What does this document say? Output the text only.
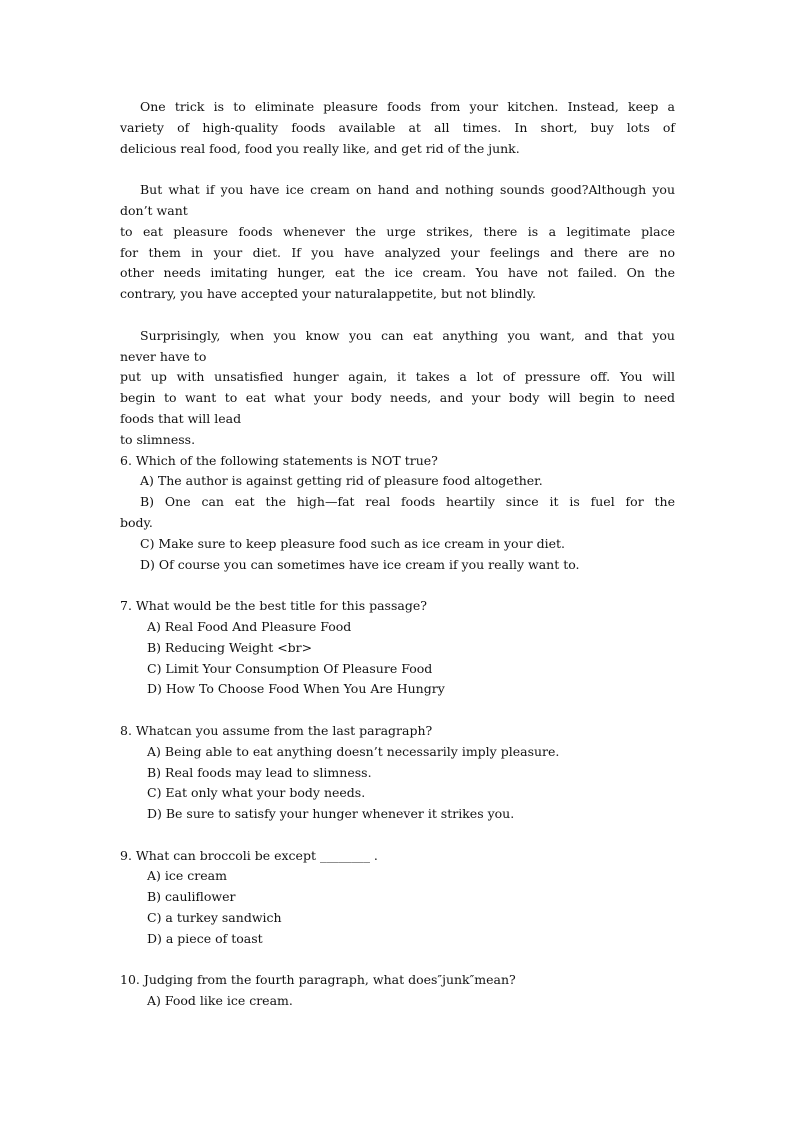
One trick is to eliminate pleasure foods from your kitchen. Instead, keep a
variety of high-quality foods available at all times. In short, buy lots of
delicious real food, food you really like, and get rid of the junk.
But what if you have ice cream on hand and nothing sounds good?Although you
don’t want
to eat pleasure foods whenever the urge strikes, there is a legitimate place
for them in your diet. If you have analyzed your feelings and there are no
other needs imitating hunger, eat the ice cream. You have not failed. On the
contrary, you have accepted your naturalappetite, but not blindly.
Surprisingly, when you know you can eat anything you want, and that you
never have to
put up with unsatisfied hunger again, it takes a lot of pressure off. You will
begin to want to eat what your body needs, and your body will begin to need
foods that will lead
to slimness.
6. Which of the following statements is NOT true?
A) The author is against getting rid of pleasure food altogether.
B) One can eat the high—fat real foods heartily since it is fuel for the
body.
C) Make sure to keep pleasure food such as ice cream in your diet.
D) Of course you can sometimes have ice cream if you really want to.
7. What would be the best title for this passage?
A) Real Food And Pleasure Food
B) Reducing Weight <br>
C) Limit Your Consumption Of Pleasure Food
D) How To Choose Food When You Are Hungry
8. Whatcan you assume from the last paragraph?
A) Being able to eat anything doesn’t necessarily imply pleasure.
B) Real foods may lead to slimness.
C) Eat only what your body needs.
D) Be sure to satisfy your hunger whenever it strikes you.
9. What can broccoli be except ________ .
A) ice cream
B) cauliflower
C) a turkey sandwich
D) a piece of toast
10. Judging from the fourth paragraph, what does″junk″mean?
A) Food like ice cream.
